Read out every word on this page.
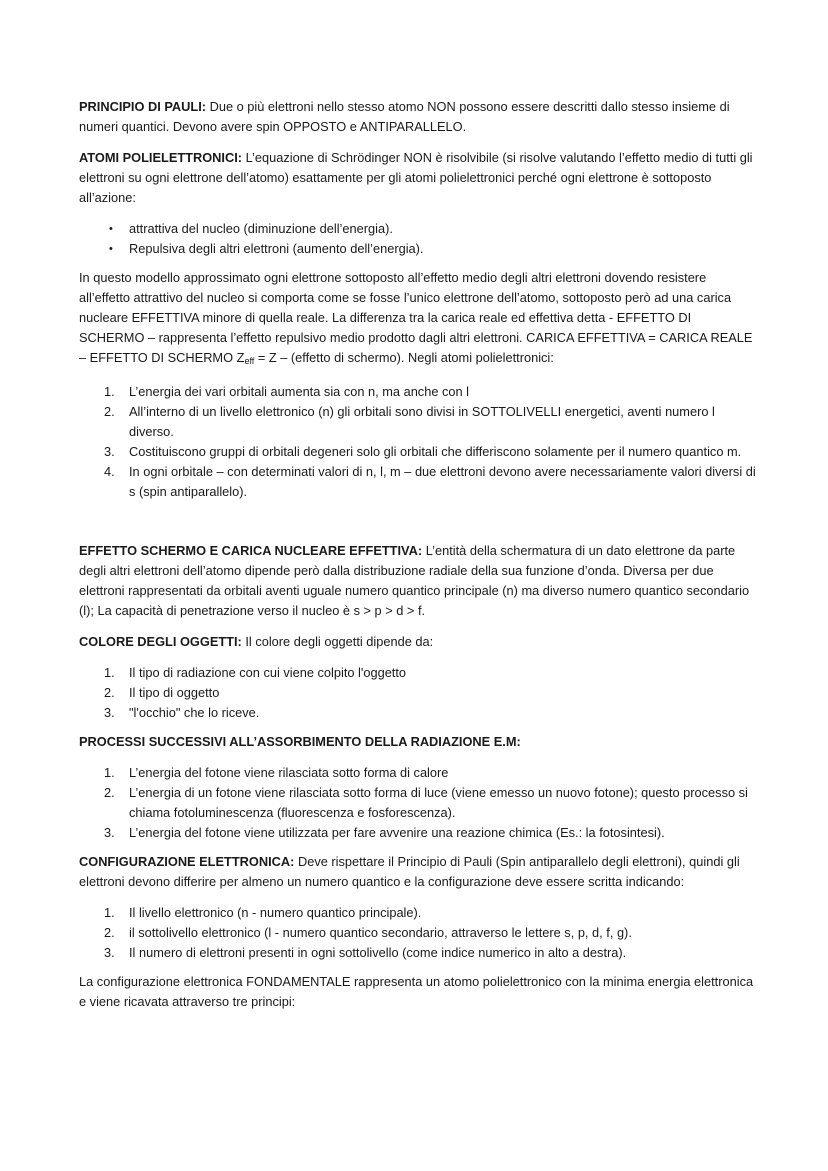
PRINCIPIO DI PAULI: Due o più elettroni nello stesso atomo NON possono essere descritti dallo stesso insieme di numeri quantici. Devono avere spin OPPOSTO e ANTIPARALLELO.

ATOMI POLIELETTRONICI: L’equazione di Schrödinger NON è risolvibile (si risolve valutando l’effetto medio di tutti gli elettroni su ogni elettrone dell’atomo) esattamente per gli atomi polielettronici perché ogni elettrone è sottoposto all’azione:

• attrattiva del nucleo (diminuzione dell’energia).
• Repulsiva degli altri elettroni (aumento dell’energia).

In questo modello approssimato ogni elettrone sottoposto all’effetto medio degli altri elettroni dovendo resistere all’effetto attrattivo del nucleo si comporta come se fosse l’unico elettrone dell’atomo, sottoposto però ad una carica nucleare EFFETTIVA minore di quella reale. La differenza tra la carica reale ed effettiva detta - EFFETTO DI SCHERMO – rappresenta l’effetto repulsivo medio prodotto dagli altri elettroni. CARICA EFFETTIVA = CARICA REALE – EFFETTO DI SCHERMO $Z_{eff} = Z$ – (effetto di schermo). Negli atomi polielettronici:

1. L’energia dei vari orbitali aumenta sia con n, ma anche con l
2. All’interno di un livello elettronico (n) gli orbitali sono divisi in SOTTOLIVELLI energetici, aventi numero l diverso.
3. Costituiscono gruppi di orbitali degeneri solo gli orbitali che differiscono solamente per il numero quantico m.
4. In ogni orbitale – con determinati valori di n, l, m – due elettroni devono avere necessariamente valori diversi di s (spin antiparallelo).

EFFETTO SCHERMO E CARICA NUCLEARE EFFETTIVA: L’entità della schermatura di un dato elettrone da parte degli altri elettroni dell’atomo dipende però dalla distribuzione radiale della sua funzione d’onda. Diversa per due elettroni rappresentati da orbitali aventi uguale numero quantico principale (n) ma diverso numero quantico secondario (l); La capacità di penetrazione verso il nucleo è s > p > d > f.

COLORE DEGLI OGGETTI: Il colore degli oggetti dipende da:

1. Il tipo di radiazione con cui viene colpito l'oggetto
2. Il tipo di oggetto
3. "l'occhio" che lo riceve.

PROCESSI SUCCESSIVI ALL’ASSORBIMENTO DELLA RADIAZIONE E.M:

1. L’energia del fotone viene rilasciata sotto forma di calore
2. L’energia di un fotone viene rilasciata sotto forma di luce (viene emesso un nuovo fotone); questo processo si chiama fotoluminescenza (fluorescenza e fosforescenza).
3. L’energia del fotone viene utilizzata per fare avvenire una reazione chimica (Es.: la fotosintesi).

CONFIGURAZIONE ELETTRONICA: Deve rispettare il Principio di Pauli (Spin antiparallelo degli elettroni), quindi gli elettroni devono differire per almeno un numero quantico e la configurazione deve essere scritta indicando:

1. Il livello elettronico (n - numero quantico principale).
2. il sottolivello elettronico (l - numero quantico secondario, attraverso le lettere s, p, d, f, g).
3. Il numero di elettroni presenti in ogni sottolivello (come indice numerico in alto a destra).

La configurazione elettronica FONDAMENTALE rappresenta un atomo polielettronico con la minima energia elettronica e viene ricavata attraverso tre principi:
